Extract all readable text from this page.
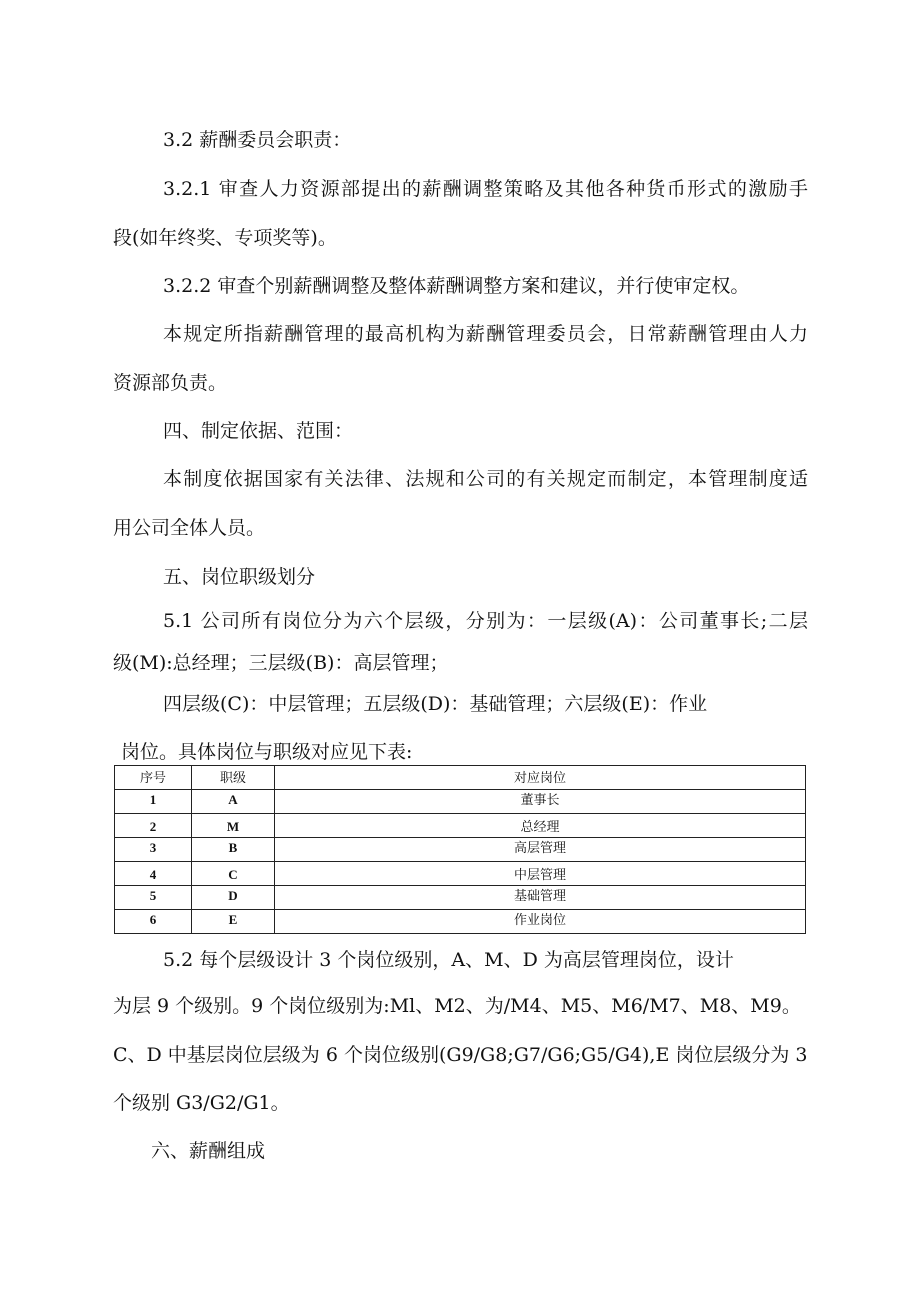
3.2 薪酬委员会职责：

3.2.1 审查人力资源部提出的薪酬调整策略及其他各种货币形式的激励手

段(如年终奖、专项奖等)。

3.2.2 审查个别薪酬调整及整体薪酬调整方案和建议，并行使审定权。

本规定所指薪酬管理的最高机构为薪酬管理委员会，日常薪酬管理由人力

资源部负责。

四、制定依据、范围：

本制度依据国家有关法律、法规和公司的有关规定而制定，本管理制度适

用公司全体人员。

五、岗位职级划分

5.1 公司所有岗位分为六个层级，分别为：一层级(A)：公司董事长;二层

级(M):总经理；三层级(B)：高层管理；

四层级(C)：中层管理；五层级(D)：基础管理；六层级(E)：作业

岗位。具体岗位与职级对应见下表:

序号	职级	对应岗位
1	A	董事长
2	M	总经理
3	B	高层管理
4	C	中层管理
5	D	基础管理
6	E	作业岗位

5.2 每个层级设计 3 个岗位级别，A、M、D 为高层管理岗位，设计

为层 9 个级别。9 个岗位级别为:Ml、M2、为/M4、M5、M6/M7、M8、M9。

C、D 中基层岗位层级为 6 个岗位级别(G9/G8;G7/G6;G5/G4),E 岗位层级分为 3

个级别 G3/G2/G1。

六、薪酬组成
